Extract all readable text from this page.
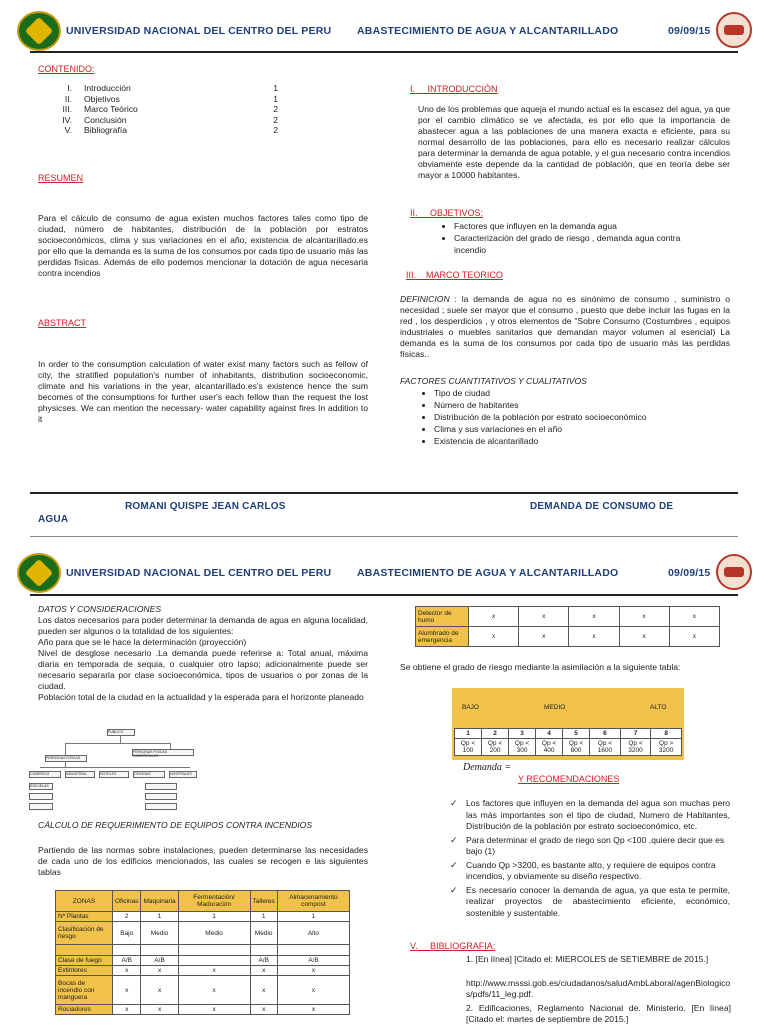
UNIVERSIDAD NACIONAL DEL CENTRO DEL PERU ABASTECIMIENTO DE AGUA Y ALCANTARILLADO	09/09/15
CONTENIDO:
I.	Introducción	1
II.	Objetivos	1
III.	Marco Teórico	2
IV.	Conclusión	2
V.	Bibliografía	2
RESUMEN
Para el cálculo de consumo de agua existen muchos factores tales como tipo de ciudad, número de habitantes, distribución de la población por estratos socioeconómicos, clima y sus variaciones en el año, existencia de alcantarillado.es por ello que la demanda es la suma de los consumos por cada tipo de usuario más las perdidas físicas. Además de ello podemos mencionar la dotación de agua necesaria contra incendios
ABSTRACT
In order to the consumption calculation of water exist many factors such as fellow of city, the stratified population's number of inhabitants, distribution socioeconomic, climate and his variations in the year, alcantarillado.es's existence hence the sum becomes of the consumptions for further user's each fellow than the request the lost physicses. We can mention the necessary- water capability against fires In addition to it
I.     INTRODUCCIÓN
Uno de los problemas que aqueja el mundo actual es la escasez del agua, ya que por el cambio climático se ve afectada, es por ello que la importancia de abastecer agua a las poblaciones de una manera exacta e eficiente, para su normal desarrollo de las poblaciones, para ello es necesario realizar cálculos para determinar la demanda de agua potable, y el gua necesario contra incendios obviamente este depende da la cantidad de población, que en teoría debe ser mayor a 10000 habitantes.
II.     OBJETIVOS:
• Factores que influyen en la demanda agua
• Caracterización del grado de riesgo , demanda agua contra incendio
III.    MARCO TEORICO
DEFINICION : la demanda de agua no es sinónimo de consumo , suministro o necesidad ; suele ser mayor que el consumo , puesto que debe incluir las fugas en la red , los desperdicios , y otros elementos de "Sobre Consumo (Costumbres , equipos industriales o muebles sanitarios que demandan mayor volumen al esencial) La demanda es la suma de los consumos por cada tipo de usuario más las perdidas físicas..
FACTORES CUANTITATIVOS Y CUALITATIVOS
• Tipo de ciudad
• Número de habitantes
• Distribución de la población por estrato socioeconómico
• Clima y sus variaciones en el año
• Existencia de alcantarillado
ROMANI QUISPE JEAN CARLOS	DEMANDA DE CONSUMO DE
AGUA
UNIVERSIDAD NACIONAL DEL CENTRO DEL PERU ABASTECIMIENTO DE AGUA Y ALCANTARILLADO	09/09/15
DATOS Y CONSIDERACIONES
Los datos necesarios para poder determinar la demanda de agua en alguna localidad, pueden ser algunos o la totalidad de los siguientes:
Año para que se le hace la determinación (proyección)
Nivel de desglose necesario .La demanda puede referirse a: Total anual, máxima diaria en temporada de sequia, o cualquier otro lapso; adicionalmente puede ser necesario separarla por clase socioeconómica, tipos de usuarios o por zonas de la ciudad.
Población total de la ciudad en la actualidad y la esperada para el horizonte planeado
PUBLICO
PERSONAS FISICAS
PERSONAS FISICAS COMERCIALES
COMERCIO	INDUSTRIAL	HOTELES	OFICINAS	HOSPITALES
ESCUELAS
CÁLCULO DE REQUERIMIENTO DE EQUIPOS CONTRA INCENDIOS
Partiendo de las normas sobre instalaciones, pueden determinarse las necesidades de cada uno de los edificios mencionados, las cuales se recogen e las siguientes tablas
ZONAS	Oficinas	Maquinaria	Fermentación/ Maduración	Talleres	Almacenamiento compost
Nº Plantas	2	1	1	1	1
Clasificación de riesgo	Bajo	Medio	Medio	Medio	Alto

Clase de fuego	A/B	A/B		A/B	A/B
Extintores	x	x	x	x	x
Bocas de incendio con manguera	x	x	x	x	x
Rociadores	x	x	x	x	x
Detector de humo	x	x	x	x	x
Alumbrado de emergencia	x	x	x	x	x
Se obtiene el grado de riesgo mediante la asimilación a la siguiente tabla:
BAJO	MEDIO	ALTO
1	2	3	4	5	6	7	8
Qp < 100	Qp < 200	Qp < 300	Qp < 400	Qp < 800	Qp < 1600	Qp < 3200	Qp > 3200
Demanda =
Y RECOMENDACIONES
✓ Los factores que influyen en la demanda del agua son muchas pero las más importantes son el tipo de ciudad, Numero de Habitantes, Distribución de la población por estrato socioeconómico, etc.
✓ Para determinar el grado de riego son Qp <100 ,quiere decir que es bajo (1)
✓ Cuando Qp >3200, es bastante alto, y requiere de equipos contra incendios, y obviamente su diseño respectivo.
✓ Es necesario conocer la demanda de agua, ya que esta te permite, realizar proyectos de abastecimiento eficiente, económico, sostenible y sustentable.
V.     BIBLIOGRAFIA:
1. [En línea] [Citado el: MIERCOLES de SETIEMBRE de 2015.]
http://www.msssi.gob.es/ciudadanos/saludAmbLaboral/agenBiologicos/pdfs/11_leg.pdf.
2. Edificaciones, Reglamento Nacional de. Ministerio. [En línea] [Citado el: martes de septiembre de 2015.]
